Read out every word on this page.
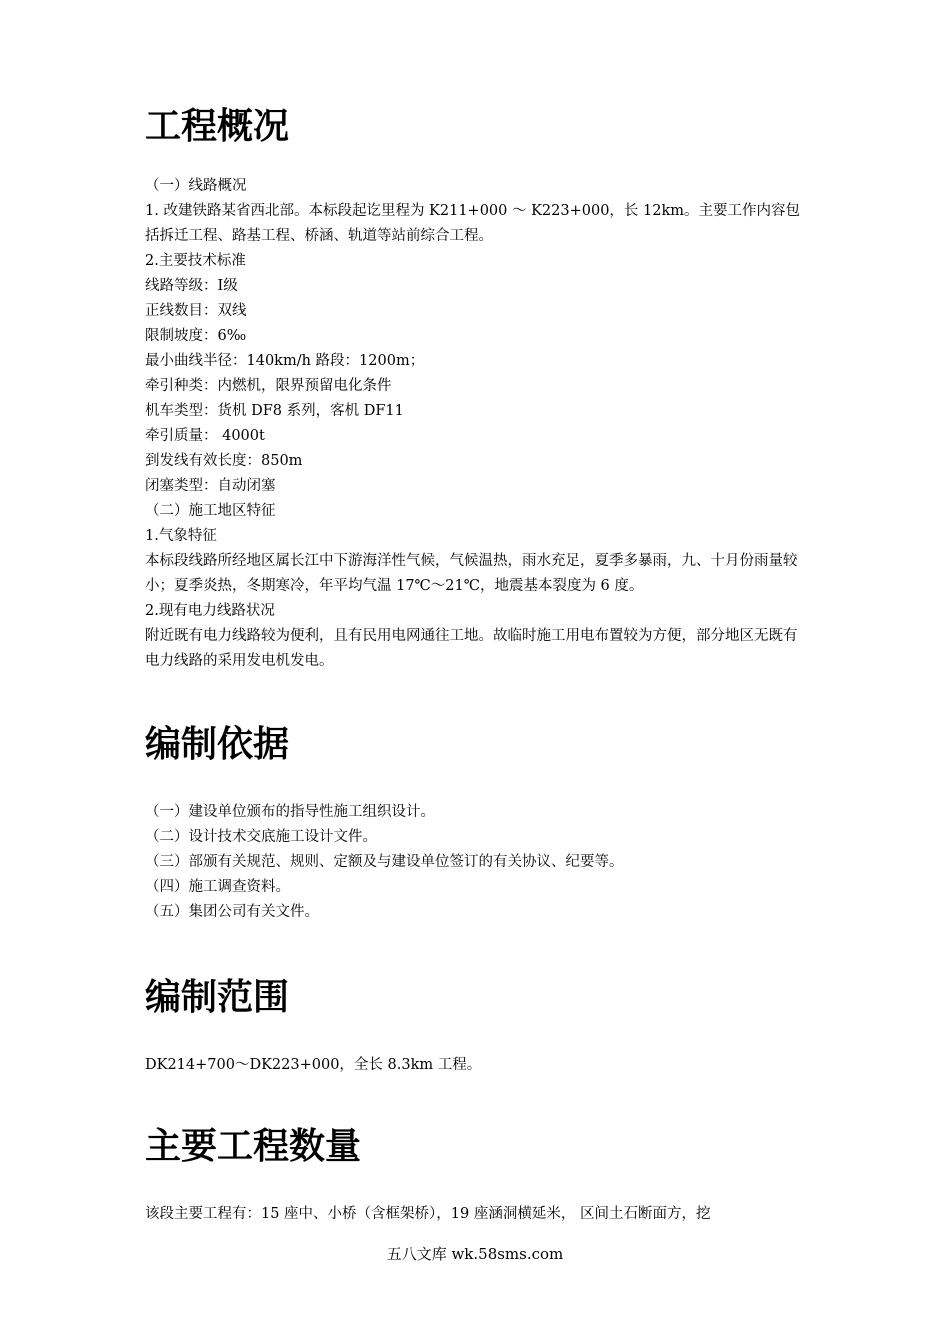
工程概况

（一）线路概况

1. 改建铁路某省西北部。本标段起讫里程为 K211+000 ～ K223+000，长 12km。主要工作内容包括拆迁工程、路基工程、桥涵、轨道等站前综合工程。

2.主要技术标准

线路等级：Ⅰ级

正线数目：双线

限制坡度：6‰

最小曲线半径：140km/h 路段：1200m；

牵引种类：内燃机，限界预留电化条件

机车类型：货机 DF8 系列，客机 DF11

牵引质量： 4000t

到发线有效长度：850m

闭塞类型：自动闭塞

（二）施工地区特征

1.气象特征

本标段线路所经地区属长江中下游海洋性气候，气候温热，雨水充足，夏季多暴雨，九、十月份雨量较小；夏季炎热，冬期寒冷，年平均气温 17℃～21℃，地震基本裂度为 6 度。

2.现有电力线路状况

附近既有电力线路较为便利，且有民用电网通往工地。故临时施工用电布置较为方便，部分地区无既有电力线路的采用发电机发电。

编制依据

（一）建设单位颁布的指导性施工组织设计。

（二）设计技术交底施工设计文件。

（三）部颁有关规范、规则、定额及与建设单位签订的有关协议、纪要等。

（四）施工调查资料。

（五）集团公司有关文件。

编制范围

DK214+700～DK223+000，全长 8.3km 工程。

主要工程数量

该段主要工程有：15 座中、小桥（含框架桥），19 座涵洞横延米， 区间土石断面方，挖

五八文库 wk.58sms.com
